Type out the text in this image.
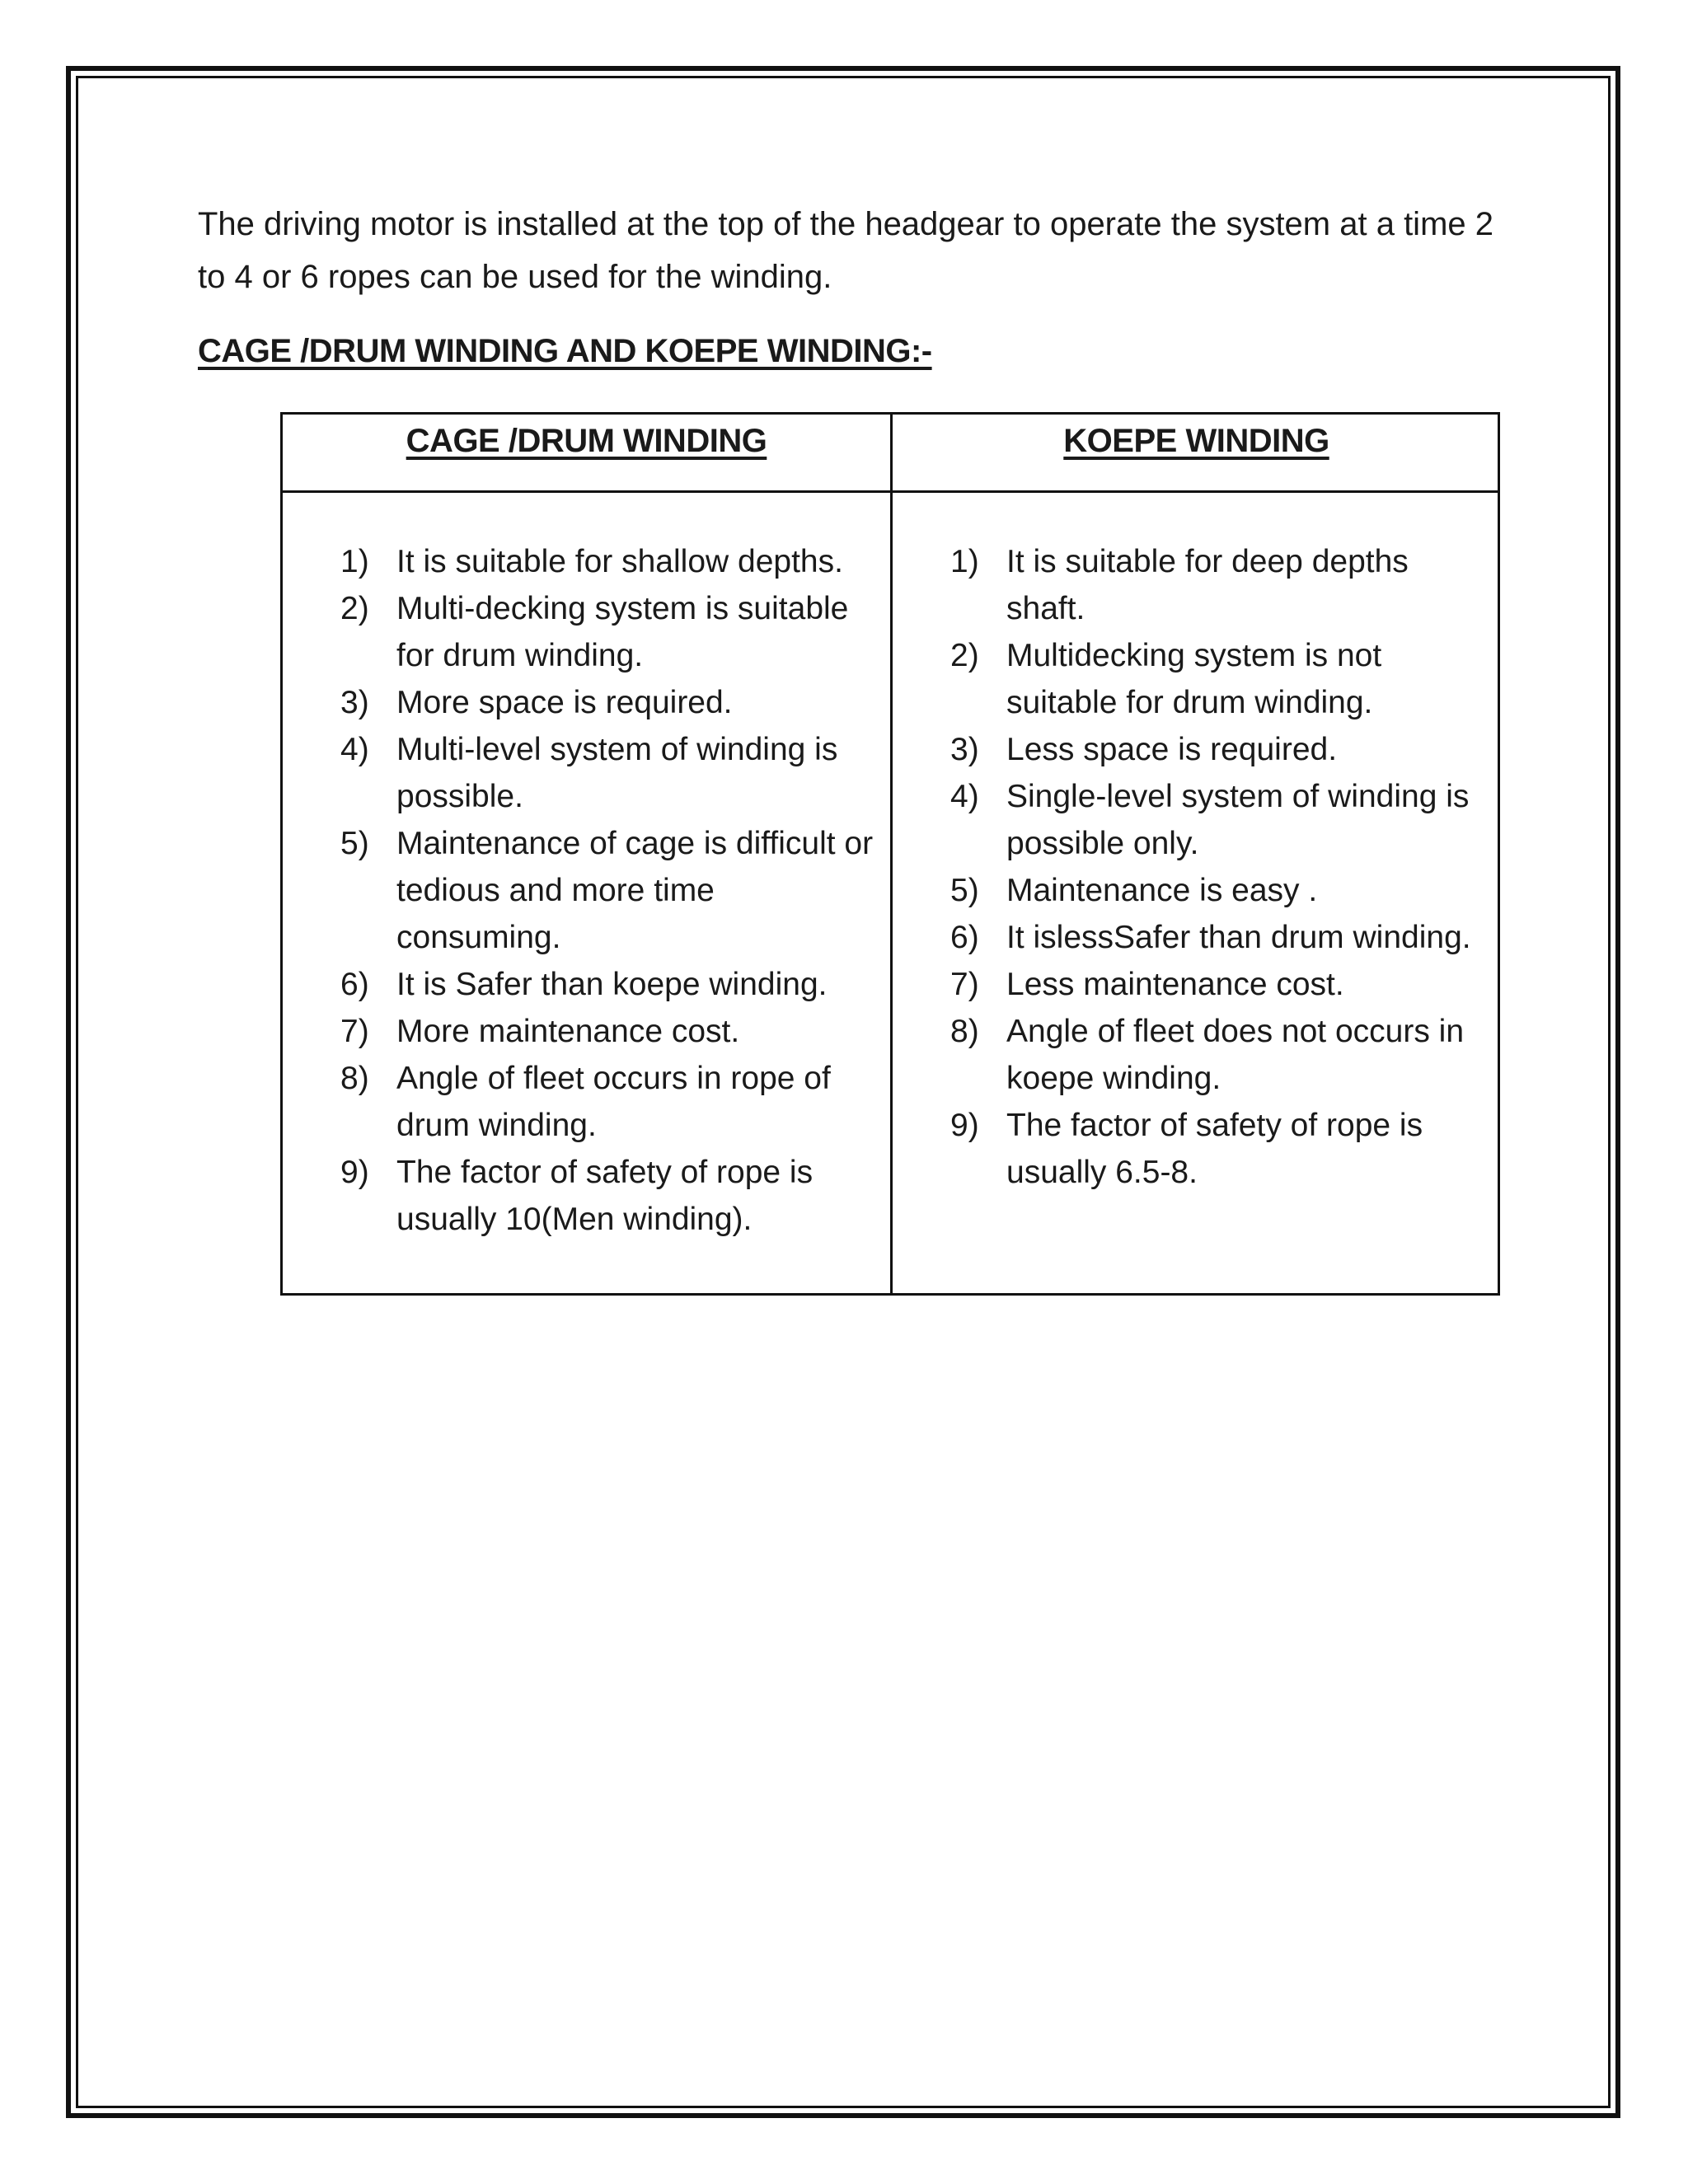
The driving motor is installed at the top of the headgear to operate the system at a time 2 to 4 or 6 ropes can be used for the winding.

CAGE /DRUM WINDING AND KOEPE WINDING:-
CAGE /DRUM WINDING	KOEPE WINDING
1) It is suitable for shallow depths.
2) Multi-decking system is suitable for drum winding.
3) More space is required.
4) Multi-level system of winding is possible.
5) Maintenance of cage is difficult or tedious and more time consuming.
6) It is Safer than koepe winding.
7) More maintenance cost.
8) Angle of fleet occurs in rope of drum winding.
9) The factor of safety of rope is usually 10(Men winding).
1) It is suitable for deep depths shaft.
2) Multidecking system is not suitable for drum winding.
3) Less space is required.
4) Single-level system of winding is possible only.
5) Maintenance is easy .
6) It islessSafer than drum winding.
7) Less maintenance cost.
8) Angle of fleet does not occurs in koepe winding.
9) The factor of safety of rope is usually 6.5-8.
